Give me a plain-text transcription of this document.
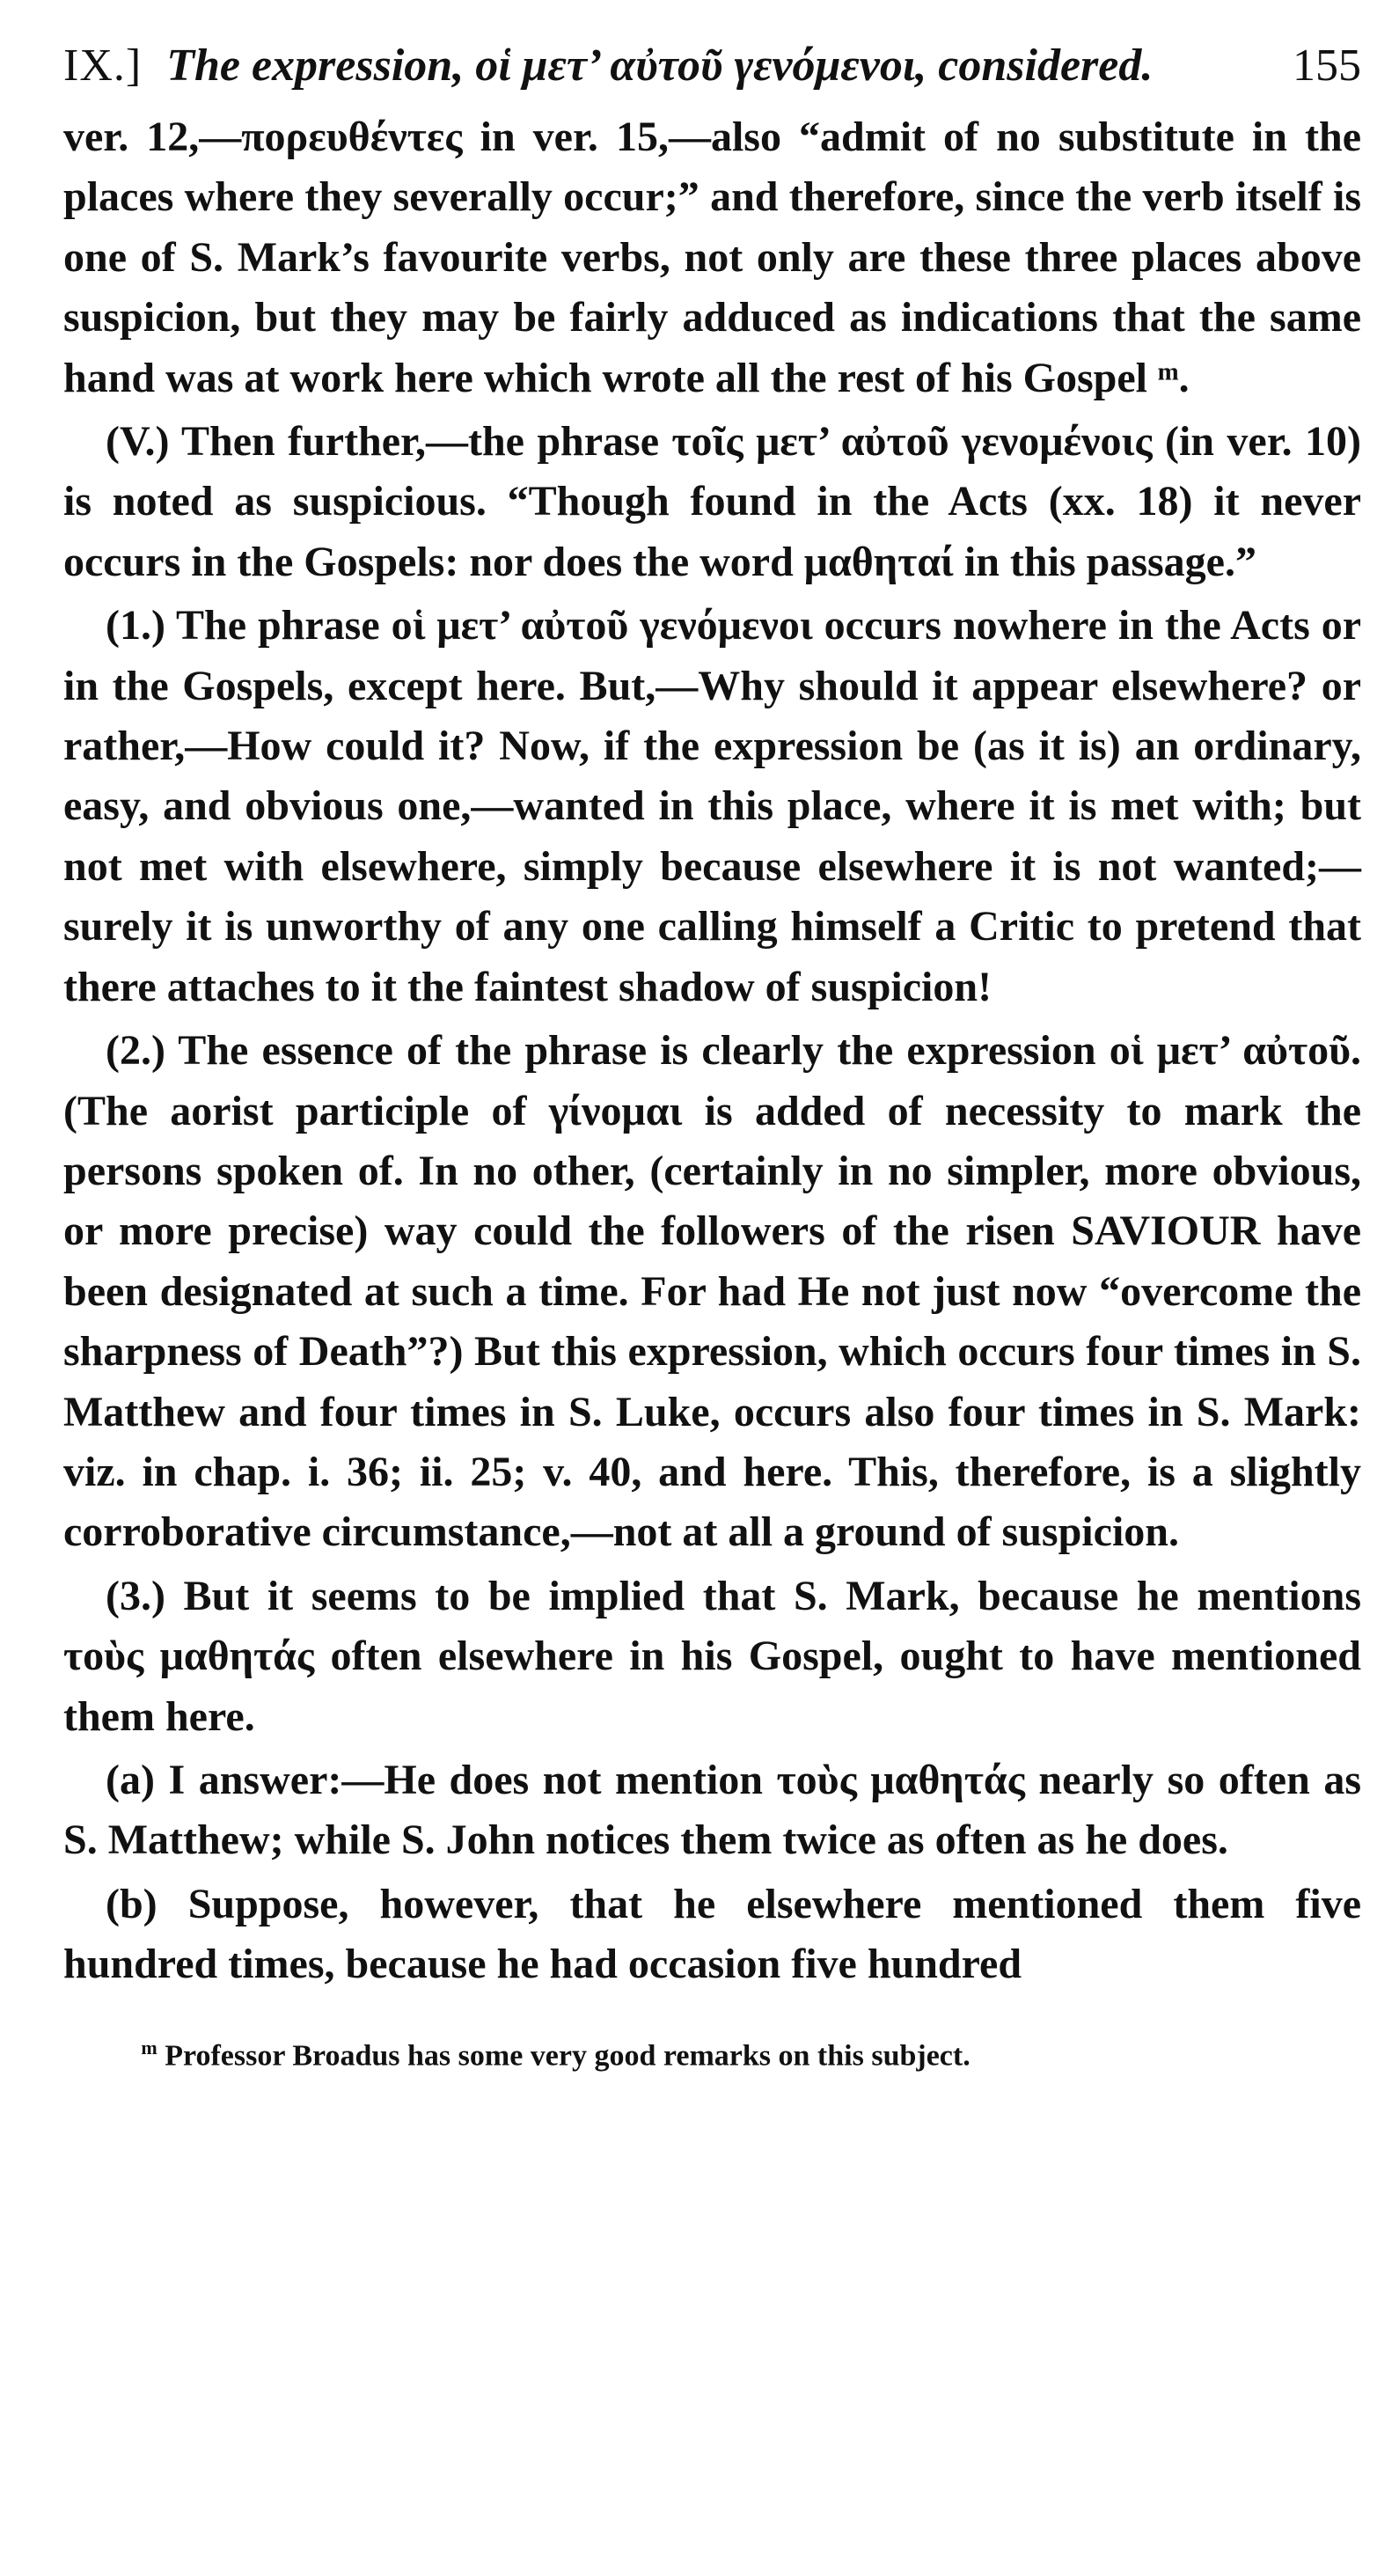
IX.] The expression, οἱ μετ’ αὐτοῦ γενόμενοι, considered.	155

ver. 12,—πορευθέντες in ver. 15,—also “admit of no substitute in the places where they severally occur;” and therefore, since the verb itself is one of S. Mark’s favourite verbs, not only are these three places above suspicion, but they may be fairly adduced as indications that the same hand was at work here which wrote all the rest of his Gospel ᵐ.

(V.) Then further,—the phrase τοῖς μετ’ αὐτοῦ γενομένοις (in ver. 10) is noted as suspicious. “Though found in the Acts (xx. 18) it never occurs in the Gospels: nor does the word μαθηταί in this passage.”

(1.) The phrase οἱ μετ’ αὐτοῦ γενόμενοι occurs nowhere in the Acts or in the Gospels, except here. But,—Why should it appear elsewhere? or rather,—How could it? Now, if the expression be (as it is) an ordinary, easy, and obvious one,—wanted in this place, where it is met with; but not met with elsewhere, simply because elsewhere it is not wanted;—surely it is unworthy of any one calling himself a Critic to pretend that there attaches to it the faintest shadow of suspicion!

(2.) The essence of the phrase is clearly the expression οἱ μετ’ αὐτοῦ. (The aorist participle of γίνομαι is added of necessity to mark the persons spoken of. In no other, (certainly in no simpler, more obvious, or more precise) way could the followers of the risen SAVIOUR have been designated at such a time. For had He not just now “overcome the sharpness of Death”?) But this expression, which occurs four times in S. Matthew and four times in S. Luke, occurs also four times in S. Mark: viz. in chap. i. 36; ii. 25; v. 40, and here. This, therefore, is a slightly corroborative circumstance,—not at all a ground of suspicion.

(3.) But it seems to be implied that S. Mark, because he mentions τοὺς μαθητάς often elsewhere in his Gospel, ought to have mentioned them here.

(a) I answer:—He does not mention τοὺς μαθητάς nearly so often as S. Matthew; while S. John notices them twice as often as he does.

(b) Suppose, however, that he elsewhere mentioned them five hundred times, because he had occasion five hundred

$^m$ Professor Broadus has some very good remarks on this subject.
